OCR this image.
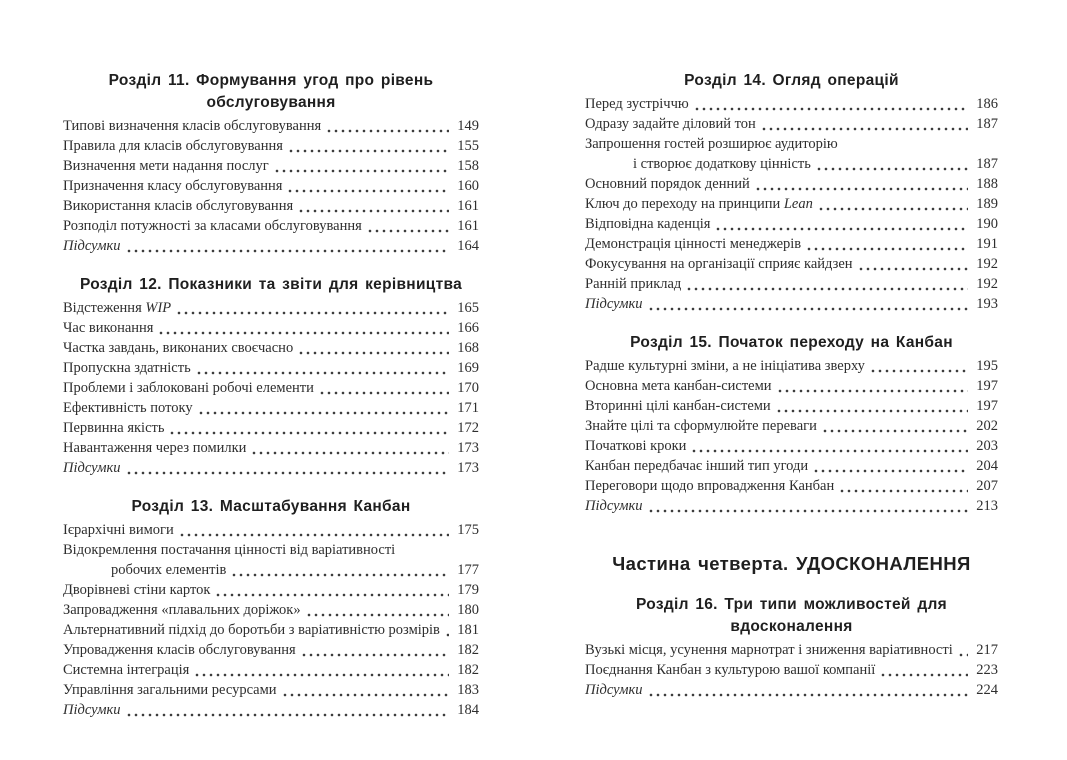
Розділ 11. Формування угод про рівень обслуговування
Типові визначення класів обслуговування	149
Правила для класів обслуговування	155
Визначення мети надання послуг	158
Призначення класу обслуговування	160
Використання класів обслуговування	161
Розподіл потужності за класами обслуговування	161
Підсумки	164
Розділ 12. Показники та звіти для керівництва
Відстеження WIP	165
Час виконання	166
Частка завдань, виконаних своєчасно	168
Пропускна здатність	169
Проблеми і заблоковані робочі елементи	170
Ефективність потоку	171
Первинна якість	172
Навантаження через помилки	173
Підсумки	173
Розділ 13. Масштабування Канбан
Ієрархічні вимоги	175
Відокремлення постачання цінності від варіативності
робочих елементів	177
Дворівневі стіни карток	179
Запровадження «плавальних доріжок»	180
Альтернативний підхід до боротьби з варіативністю розмірів	181
Упровадження класів обслуговування	182
Системна інтеграція	182
Управління загальними ресурсами	183
Підсумки	184
Розділ 14. Огляд операцій
Перед зустріччю	186
Одразу задайте діловий тон	187
Запрошення гостей розширює аудиторію
і створює додаткову цінність	187
Основний порядок денний	188
Ключ до переходу на принципи Lean	189
Відповідна каденція	190
Демонстрація цінності менеджерів	191
Фокусування на організації сприяє кайдзен	192
Ранній приклад	192
Підсумки	193
Розділ 15. Початок переходу на Канбан
Радше культурні зміни, а не ініціатива зверху	195
Основна мета канбан-системи	197
Вторинні цілі канбан-системи	197
Знайте цілі та сформулюйте переваги	202
Початкові кроки	203
Канбан передбачає інший тип угоди	204
Переговори щодо впровадження Канбан	207
Підсумки	213
Частина четверта. УДОСКОНАЛЕННЯ
Розділ 16. Три типи можливостей для вдосконалення
Вузькі місця, усунення марнотрат і зниження варіативності	217
Поєднання Канбан з культурою вашої компанії	223
Підсумки	224
